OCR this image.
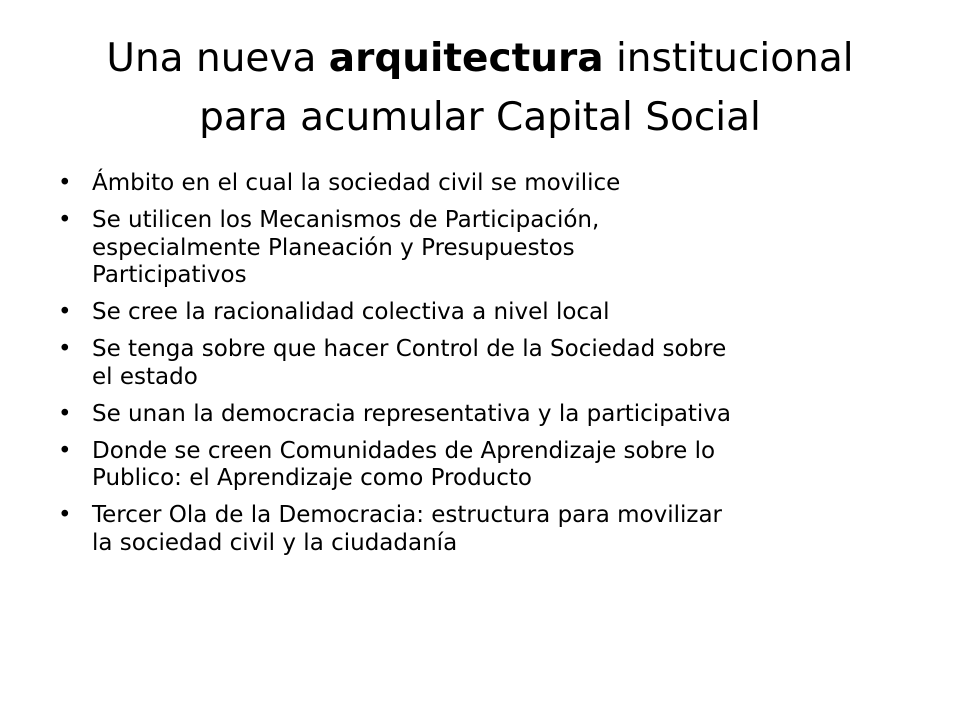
Una nueva arquitectura institucional
para acumular Capital Social
• Ámbito en el cual la sociedad civil se movilice
• Se utilicen los Mecanismos de Participación,
especialmente Planeación y Presupuestos
Participativos
• Se cree la racionalidad colectiva a nivel local
• Se tenga sobre que hacer Control de la Sociedad sobre
el estado
• Se unan la democracia representativa y la participativa
• Donde se creen Comunidades de Aprendizaje sobre lo
Publico: el Aprendizaje como Producto
• Tercer Ola de la Democracia: estructura para movilizar
la sociedad civil y la ciudadanía
